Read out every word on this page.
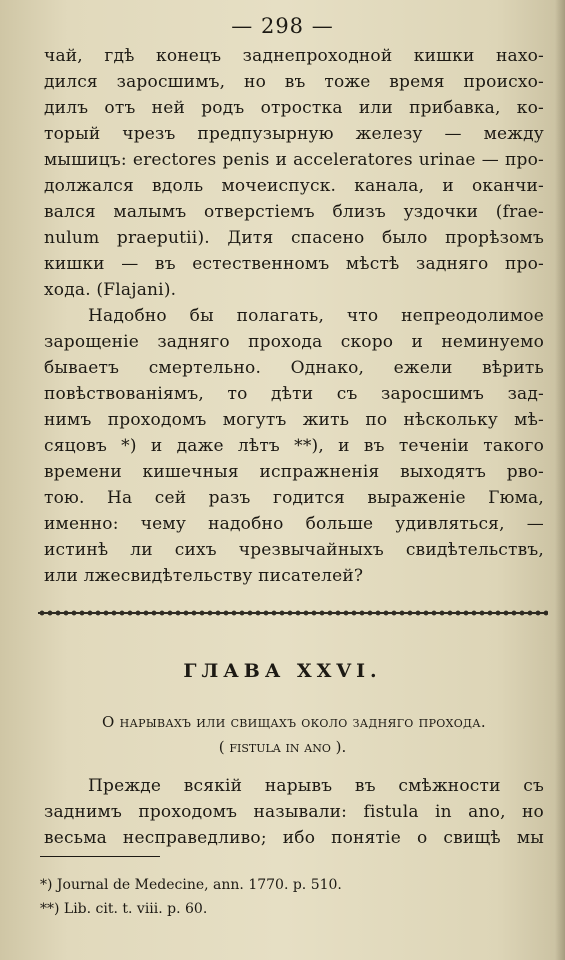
— 298 —
чай, гдѣ конецъ заднепроходной кишки нахо-
дился заросшимъ, но въ тоже время происхо-
дилъ отъ ней родъ отростка или прибавка, ко-
торый чрезъ предпузырную железу — между
мышицъ: erectores penis и acceleratores urinae — про-
должался вдоль мочеиспуск. канала, и оканчи-
вался малымъ отверстiемъ близъ уздочки (frae-
nulum praeputii). Дитя спасено было прорѣзомъ
кишки — въ естественномъ мѣстѣ задняго про-
хода. (Flajani).
Надобно бы полагать, что непреодолимое
зарощенiе задняго прохода скоро и неминуемо
бываетъ смертельно. Однако, ежели вѣрить
повѣствованiямъ, то дѣти съ заросшимъ зад-
нимъ проходомъ могутъ жить по нѣскольку мѣ-
сяцовъ *) и даже лѣтъ **), и въ теченiи такого
времени кишечныя испражненiя выходятъ рво-
тою. На сей разъ годится выраженiе Гюма,
именно: чему надобно больше удивляться, —
истинѣ ли сихъ чрезвычайныхъ свидѣтельствъ,
или лжесвидѣтельству писателей?
ГЛАВА XXVI.
О нарывахъ или свищахъ около задняго прохода.
( fistula in ano ).
Прежде всякiй нарывъ въ смѣжности съ
заднимъ проходомъ называли: fistula in ano, но
весьма несправедливо; ибо понятiе о свищѣ мы
*) Journal de Medecine, ann. 1770. p. 510.
**) Lib. cit. t. viii. p. 60.
